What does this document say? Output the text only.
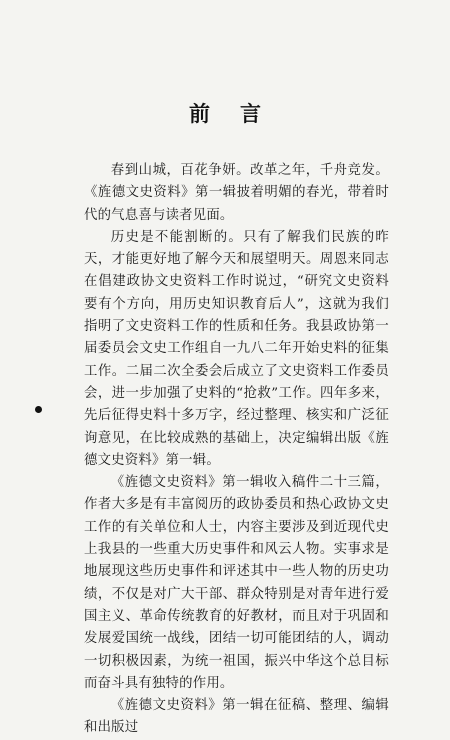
前言

春到山城，百花争妍。改革之年，千舟竞发。《旌德文史资料》第一辑披着明媚的春光，带着时代的气息喜与读者见面。

历史是不能割断的。只有了解我们民族的昨天，才能更好地了解今天和展望明天。周恩来同志在倡建政协文史资料工作时说过，“研究文史资料要有个方向，用历史知识教育后人”，这就为我们指明了文史资料工作的性质和任务。我县政协第一届委员会文史工作组自一九八二年开始史料的征集工作。二届二次全委会后成立了文史资料工作委员会，进一步加强了史料的“抢救”工作。四年多来，先后征得史料十多万字，经过整理、核实和广泛征询意见，在比较成熟的基础上，决定编辑出版《旌德文史资料》第一辑。

《旌德文史资料》第一辑收入稿件二十三篇，作者大多是有丰富阅历的政协委员和热心政协文史工作的有关单位和人士，内容主要涉及到近现代史上我县的一些重大历史事件和风云人物。实事求是地展现这些历史事件和评述其中一些人物的历史功绩，不仅是对广大干部、群众特别是对青年进行爱国主义、革命传统教育的好教材，而且对于巩固和发展爱国统一战线，团结一切可能团结的人，调动一切积极因素，为统一祖国，振兴中华这个总目标而奋斗具有独特的作用。

《旌德文史资料》第一辑在征稿、整理、编辑和出版过
